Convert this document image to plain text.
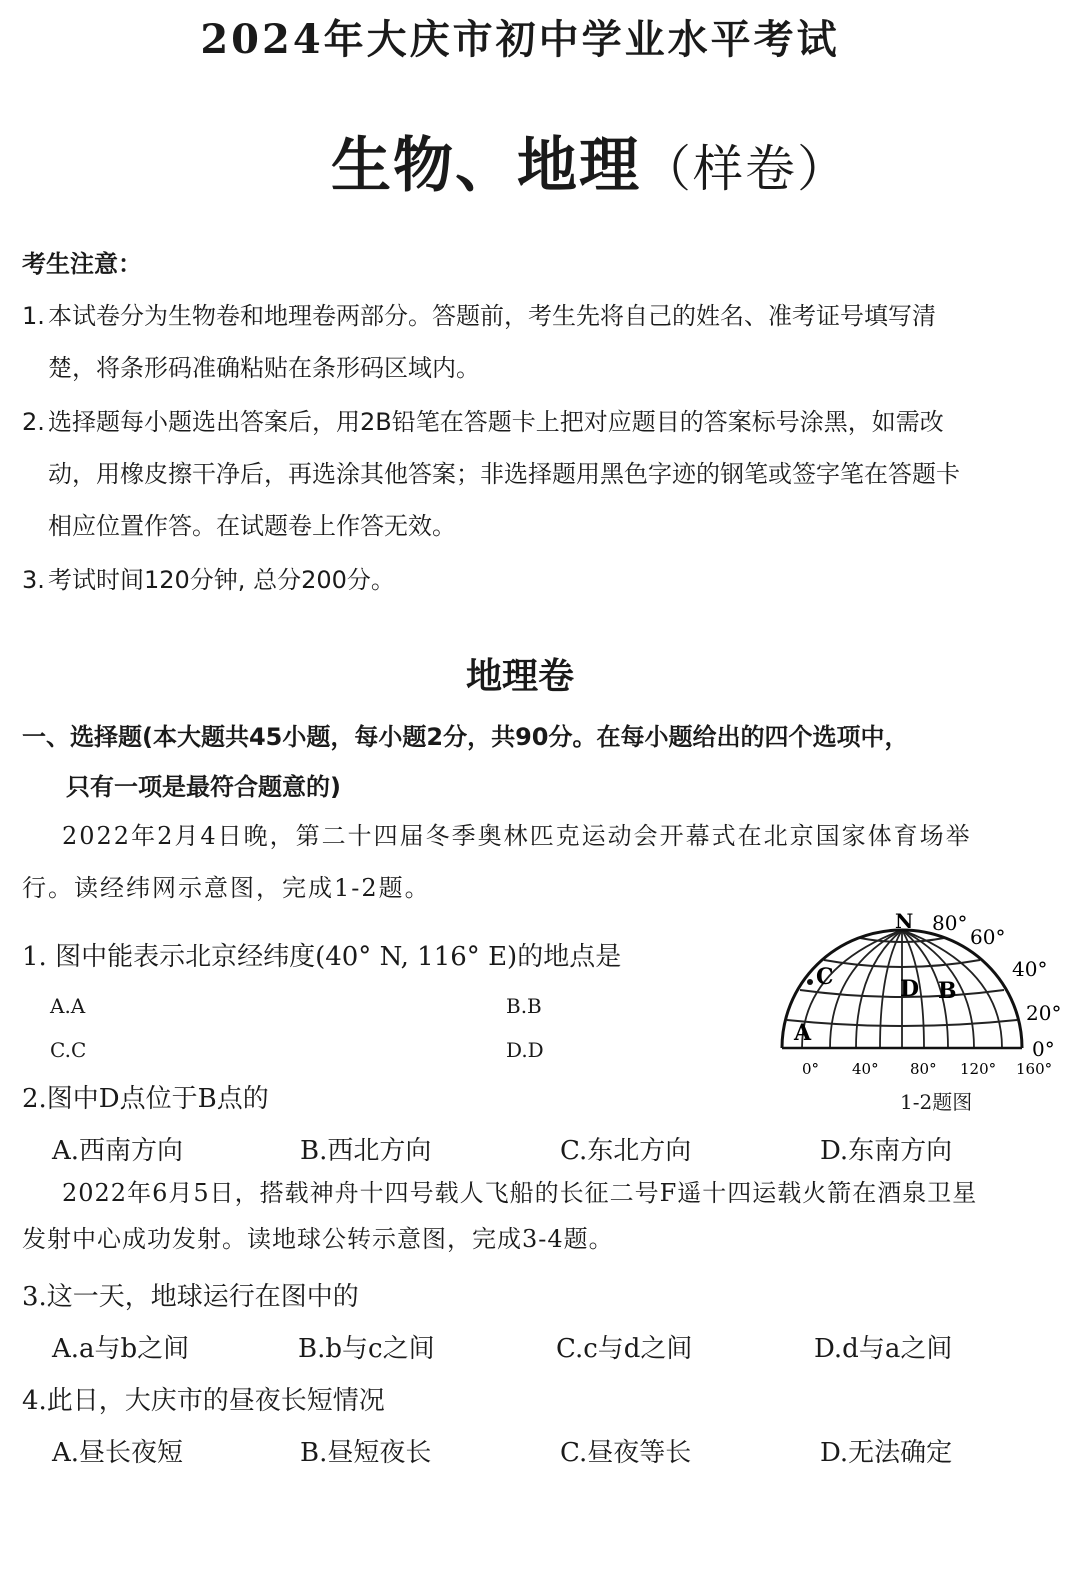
2024年大庆市初中学业水平考试
生物、地理（样卷）
考生注意：
1. 本试卷分为生物卷和地理卷两部分。答题前，考生先将自己的姓名、准考证号填写清
楚，将条形码准确粘贴在条形码区域内。
2. 选择题每小题选出答案后，用2B铅笔在答题卡上把对应题目的答案标号涂黑，如需改
动，用橡皮擦干净后，再选涂其他答案；非选择题用黑色字迹的钢笔或签字笔在答题卡
相应位置作答。在试题卷上作答无效。
3. 考试时间120分钟, 总分200分。
地理卷
一、选择题(本大题共45小题，每小题2分，共90分。在每小题给出的四个选项中，
只有一项是最符合题意的)
2022年2月4日晚，第二十四届冬季奥林匹克运动会开幕式在北京国家体育场举
行。读经纬网示意图，完成1-2题。
1. 图中能表示北京经纬度(40° N, 116° E)的地点是
A.A	B.B
C.C	D.D
N 80°
60°
40°
20°
0°
0° 40° 80° 120° 160°
A
B
C	D
1-2题图
2.图中D点位于B点的
A.西南方向	B.西北方向	C.东北方向	D.东南方向
2022年6月5日，搭载神舟十四号载人飞船的长征二号F遥十四运载火箭在酒泉卫星
发射中心成功发射。读地球公转示意图，完成3-4题。
3.这一天，地球运行在图中的
A.a与b之间	B.b与c之间	C.c与d之间	D.d与a之间
4.此日，大庆市的昼夜长短情况
A.昼长夜短	B.昼短夜长	C.昼夜等长	D.无法确定
